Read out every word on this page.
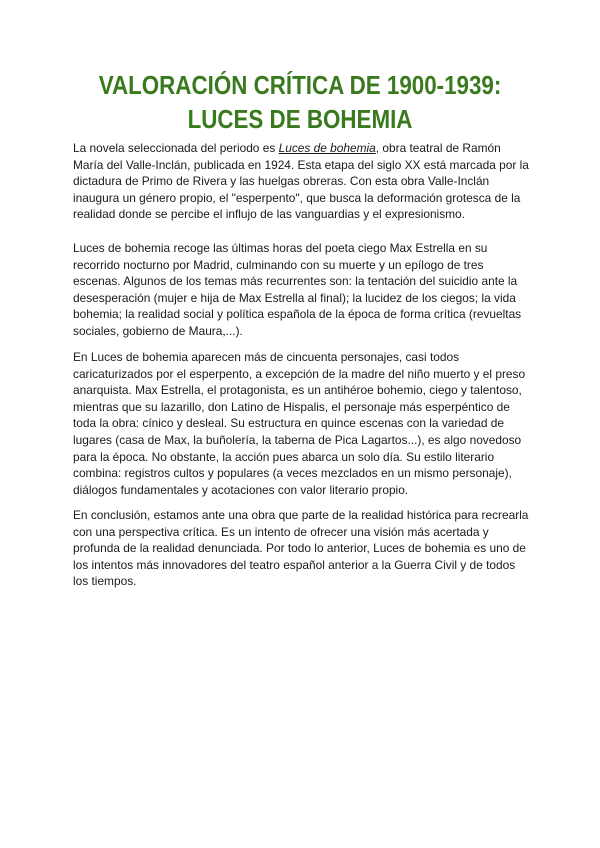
VALORACIÓN CRÍTICA DE 1900-1939: LUCES DE BOHEMIA

La novela seleccionada del periodo es Luces de bohemia, obra teatral de Ramón María del Valle-Inclán, publicada en 1924. Esta etapa del siglo XX está marcada por la dictadura de Primo de Rivera y las huelgas obreras. Con esta obra Valle-Inclán inaugura un género propio, el "esperpento", que busca la deformación grotesca de la realidad donde se percibe el influjo de las vanguardias y el expresionismo.

Luces de bohemia recoge las últimas horas del poeta ciego Max Estrella en su recorrido nocturno por Madrid, culminando con su muerte y un epílogo de tres escenas. Algunos de los temas más recurrentes son: la tentación del suicidio ante la desesperación (mujer e hija de Max Estrella al final); la lucidez de los ciegos; la vida bohemia; la realidad social y política española de la época de forma crítica (revueltas sociales, gobierno de Maura,...).

En Luces de bohemia aparecen más de cincuenta personajes, casi todos caricaturizados por el esperpento, a excepción de la madre del niño muerto y el preso anarquista. Max Estrella, el protagonista, es un antihéroe bohemio, ciego y talentoso, mientras que su lazarillo, don Latino de Hispalis, el personaje más esperpéntico de toda la obra: cínico y desleal. Su estructura en quince escenas con la variedad de lugares (casa de Max, la buñolería, la taberna de Pica Lagartos...), es algo novedoso para la época. No obstante, la acción pues abarca un solo día. Su estilo literario combina: registros cultos y populares (a veces mezclados en un mismo personaje), diálogos fundamentales y acotaciones con valor literario propio.

En conclusión, estamos ante una obra que parte de la realidad histórica para recrearla con una perspectiva crítica. Es un intento de ofrecer una visión más acertada y profunda de la realidad denunciada. Por todo lo anterior, Luces de bohemia es uno de los intentos más innovadores del teatro español anterior a la Guerra Civil y de todos los tiempos.
